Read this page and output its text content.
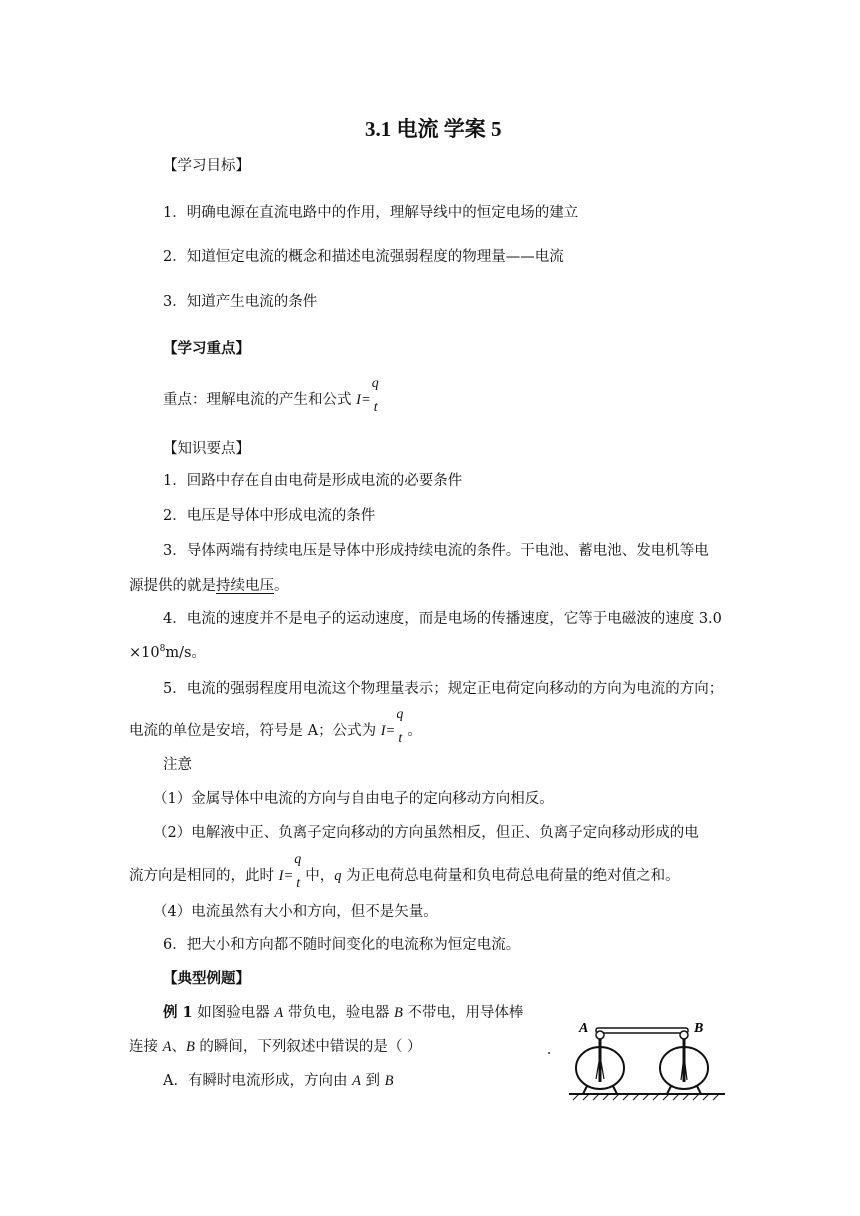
3.1 电流 学案 5
【学习目标】
1．明确电源在直流电路中的作用，理解导线中的恒定电场的建立
2．知道恒定电流的概念和描述电流强弱程度的物理量——电流
3．知道产生电流的条件
【学习重点】
重点：理解电流的产生和公式 I=
q
t
【知识要点】
1．回路中存在自由电荷是形成电流的必要条件
2．电压是导体中形成电流的条件
3．导体两端有持续电压是导体中形成持续电流的条件。干电池、蓄电池、发电机等电
源提供的就是持续电压。
4．电流的速度并不是电子的运动速度，而是电场的传播速度，它等于电磁波的速度 3.0
$\times 10^8m/s$。
5．电流的强弱程度用电流这个物理量表示；规定正电荷定向移动的方向为电流的方向；
电流的单位是安培，符号是 A；公式为 I=
q
t 。
注意
（1）金属导体中电流的方向与自由电子的定向移动方向相反。
（2）电解液中正、负离子定向移动的方向虽然相反，但正、负离子定向移动形成的电
流方向是相同的，此时 I=
q
t 中，q 为正电荷总电荷量和负电荷总电荷量的绝对值之和。
（4）电流虽然有大小和方向，但不是矢量。
6．把大小和方向都不随时间变化的电流称为恒定电流。
【典型例题】
例 1 如图验电器 A 带负电，验电器 B 不带电，用导体棒
连接 A、B 的瞬间，下列叙述中错误的是（ ）
A．有瞬时电流形成，方向由 A 到 B
A	B
